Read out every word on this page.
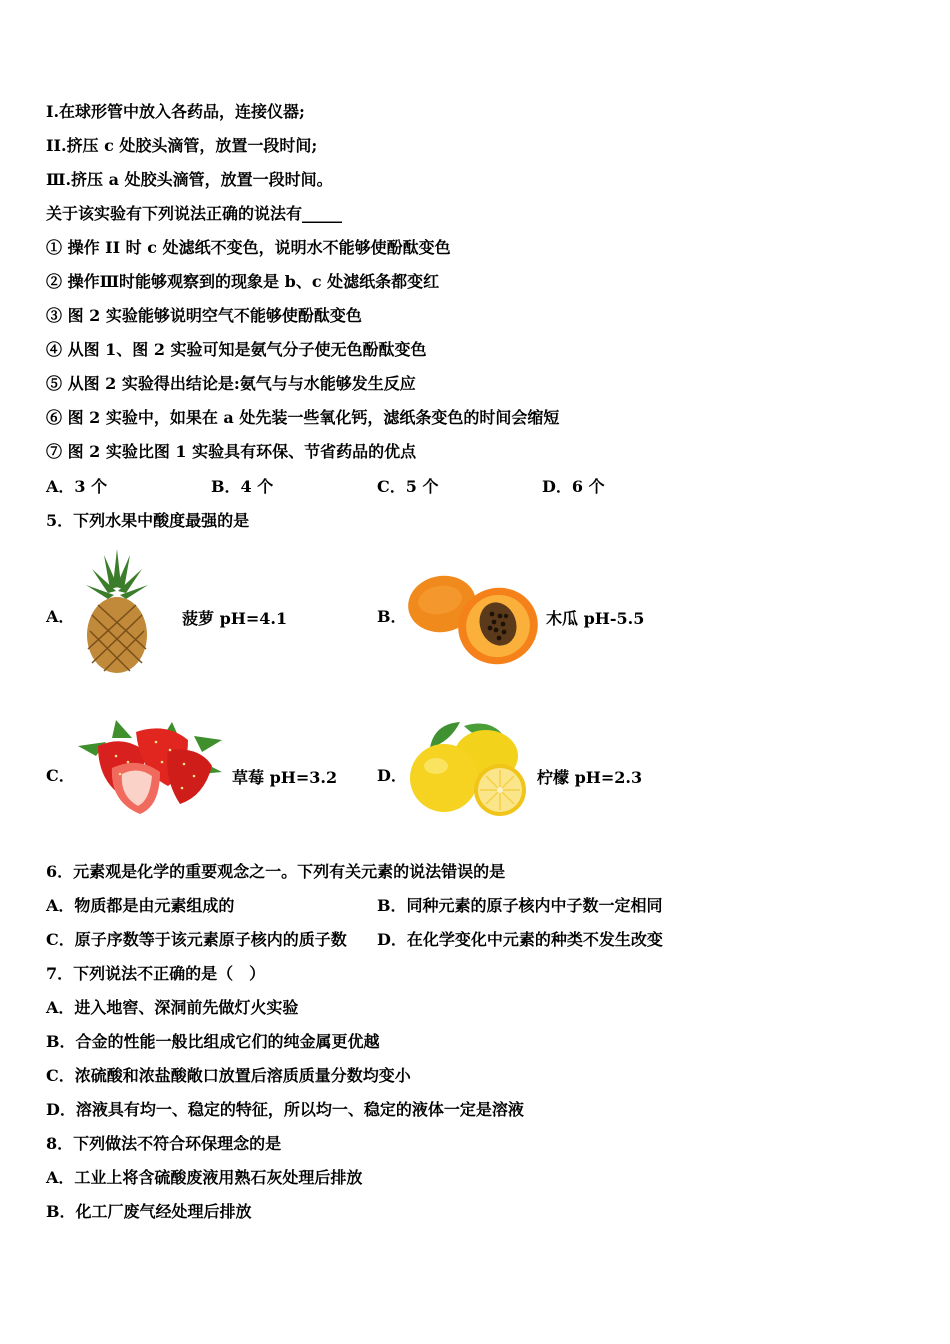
I.在球形管中放入各药品，连接仪器;
II.挤压 c 处胶头滴管，放置一段时间;
Ⅲ.挤压 a 处胶头滴管，放置一段时间。
关于该实验有下列说法正确的说法有_____
① 操作 II 时 c 处滤纸不变色，说明水不能够使酚酞变色
② 操作Ⅲ时能够观察到的现象是 b、c 处滤纸条都变红
③ 图 2 实验能够说明空气不能够使酚酞变色
④ 从图 1、图 2 实验可知是氨气分子使无色酚酞变色
⑤ 从图 2 实验得出结论是:氨气与与水能够发生反应
⑥ 图 2 实验中，如果在 a 处先装一些氧化钙，滤纸条变色的时间会缩短
⑦ 图 2 实验比图 1 实验具有环保、节省药品的优点
A．3 个	B．4 个	C．5 个	D．6 个
5．下列水果中酸度最强的是
A．	菠萝 pH=4.1	B．	木瓜 pH-5.5
C．	草莓 pH=3.2 D．	柠檬 pH=2.3
6．元素观是化学的重要观念之一。下列有关元素的说法错误的是
A．物质都是由元素组成的	B．同种元素的原子核内中子数一定相同
C．原子序数等于该元素原子核内的质子数 D．在化学变化中元素的种类不发生改变
7．下列说法不正确的是（　）
A．进入地窖、深洞前先做灯火实验
B．合金的性能一般比组成它们的纯金属更优越
C．浓硫酸和浓盐酸敞口放置后溶质质量分数均变小
D．溶液具有均一、稳定的特征，所以均一、稳定的液体一定是溶液
8．下列做法不符合环保理念的是
A．工业上将含硫酸废液用熟石灰处理后排放
B．化工厂废气经处理后排放
